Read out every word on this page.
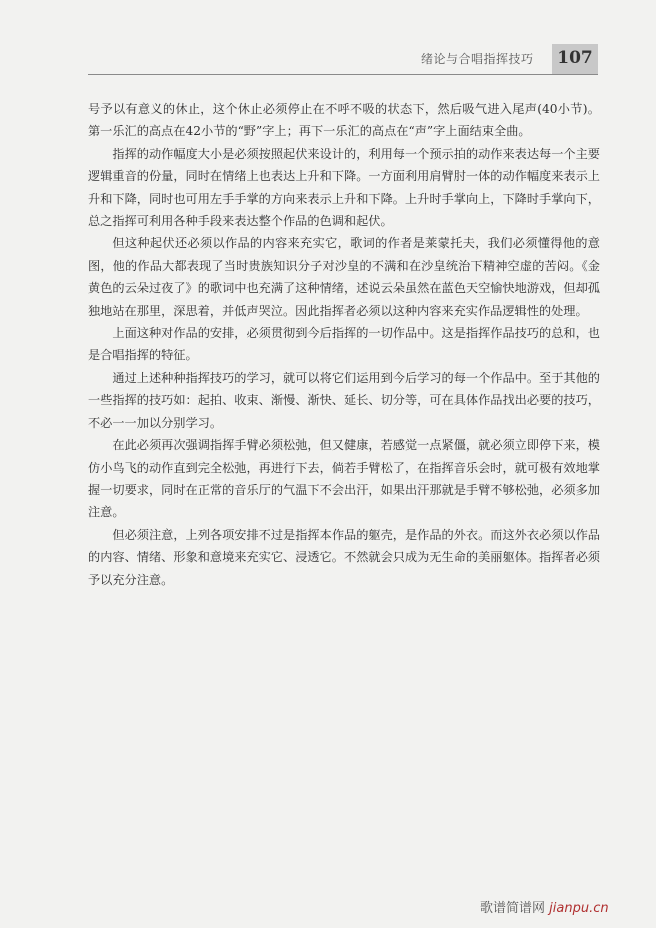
绪论与合唱指挥技巧	107

号予以有意义的休止，这个休止必须停止在不呼不吸的状态下，然后吸气进入尾声(40小节)。第一乐汇的高点在42小节的“野”字上；再下一乐汇的高点在“声”字上面结束全曲。

指挥的动作幅度大小是必须按照起伏来设计的，利用每一个预示拍的动作来表达每一个主要逻辑重音的份量，同时在情绪上也表达上升和下降。一方面利用肩臂肘一体的动作幅度来表示上升和下降，同时也可用左手手掌的方向来表示上升和下降。上升时手掌向上，下降时手掌向下，总之指挥可利用各种手段来表达整个作品的色调和起伏。

但这种起伏还必须以作品的内容来充实它，歌词的作者是莱蒙托夫，我们必须懂得他的意图，他的作品大都表现了当时贵族知识分子对沙皇的不满和在沙皇统治下精神空虚的苦闷。《金黄色的云朵过夜了》的歌词中也充满了这种情绪，述说云朵虽然在蓝色天空愉快地游戏，但却孤独地站在那里，深思着，并低声哭泣。因此指挥者必须以这种内容来充实作品逻辑性的处理。

上面这种对作品的安排，必须贯彻到今后指挥的一切作品中。这是指挥作品技巧的总和，也是合唱指挥的特征。

通过上述种种指挥技巧的学习，就可以将它们运用到今后学习的每一个作品中。至于其他的一些指挥的技巧如：起拍、收束、渐慢、渐快、延长、切分等，可在具体作品找出必要的技巧，不必一一加以分别学习。

在此必须再次强调指挥手臂必须松弛，但又健康，若感觉一点紧僵，就必须立即停下来，模仿小鸟飞的动作直到完全松弛，再进行下去，倘若手臂松了，在指挥音乐会时，就可极有效地掌握一切要求，同时在正常的音乐厅的气温下不会出汗，如果出汗那就是手臂不够松弛，必须多加注意。

但必须注意，上列各项安排不过是指挥本作品的躯壳，是作品的外衣。而这外衣必须以作品的内容、情绪、形象和意境来充实它、浸透它。不然就会只成为无生命的美丽躯体。指挥者必须予以充分注意。

歌谱简谱网 jianpu.cn
